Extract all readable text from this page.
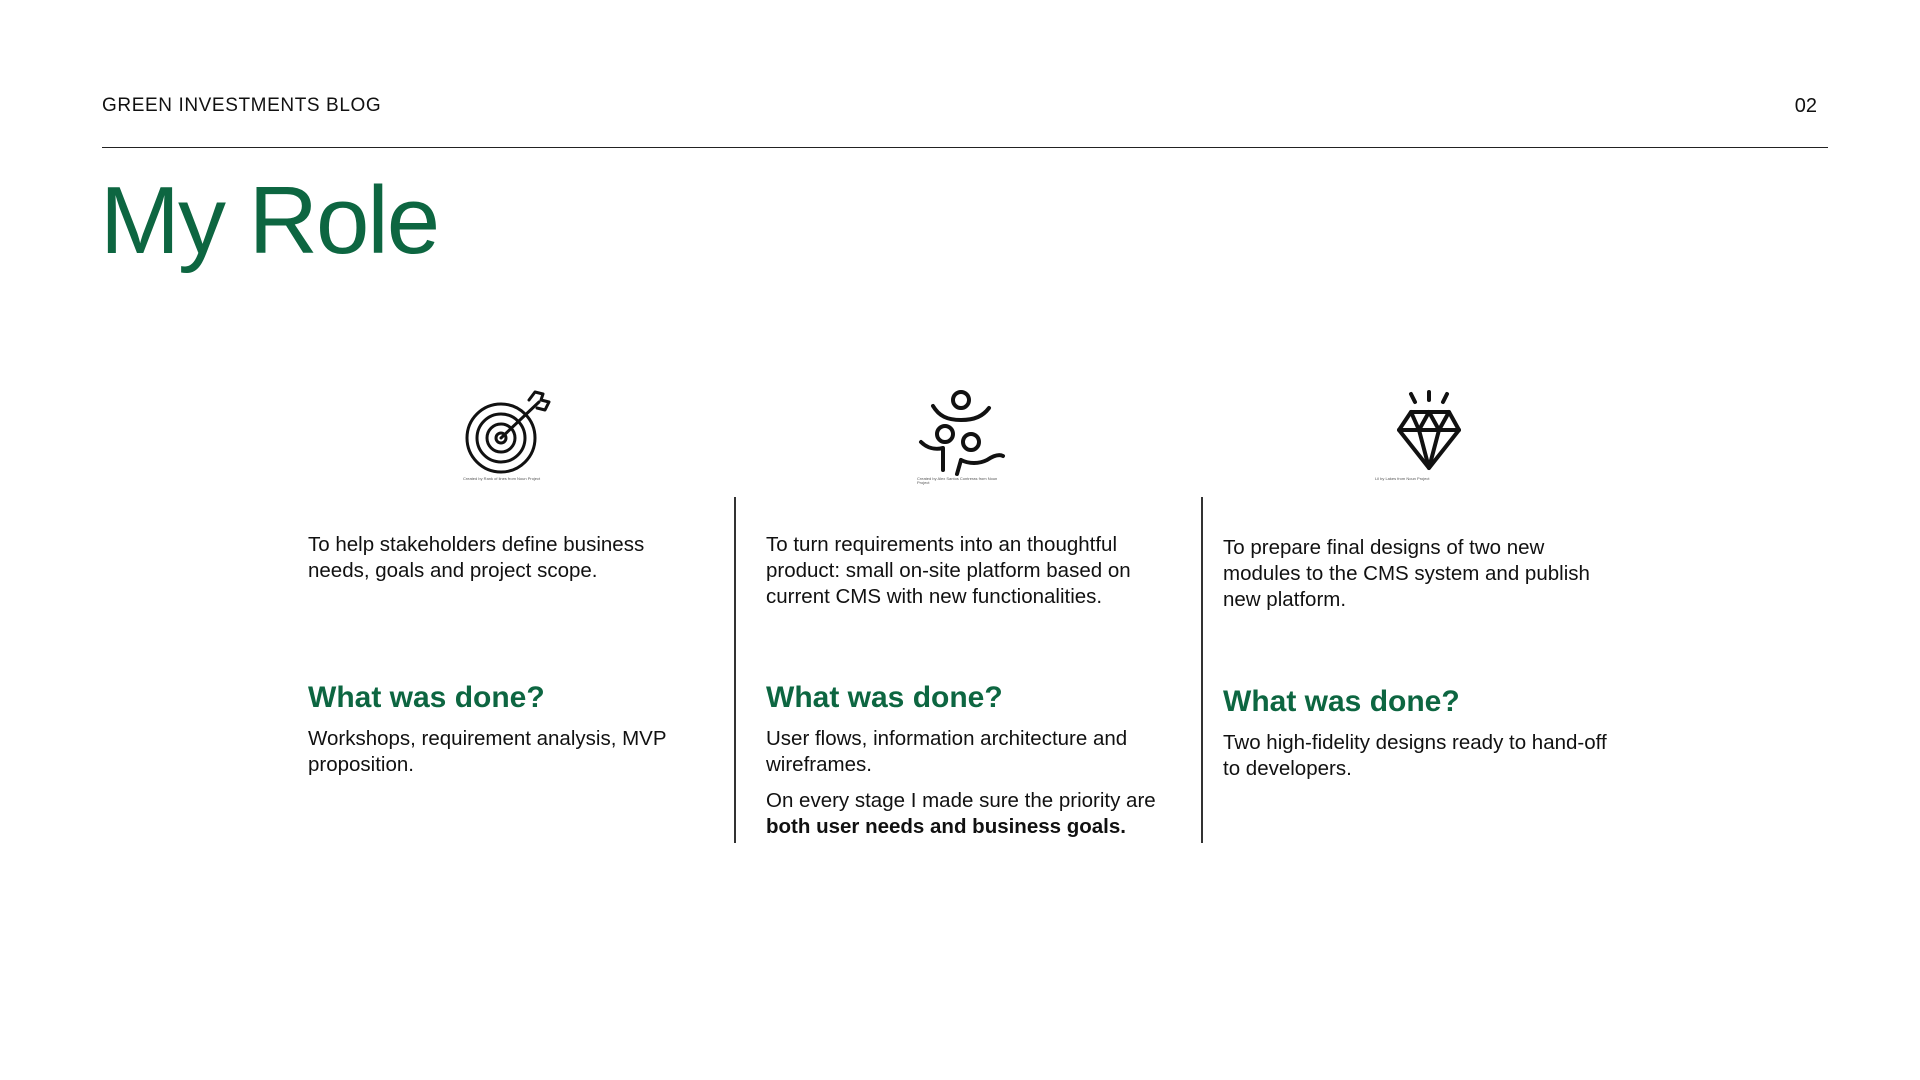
GREEN INVESTMENTS BLOG	02
My Role
Created by Rank of lines from Noun Project

To help stakeholders define business needs, goals and project scope.

What was done?

Workshops, requirement analysis, MVP proposition.

Created by Alex Santos Contreras from Noun Project

To turn requirements into an thoughtful product: small on-site platform based on current CMS with new functionalities.

What was done?

User flows, information architecture and wireframes.

On every stage I made sure the priority are both user needs and business goals.

Lil by Lakes from Noun Project

To prepare final designs of two new modules to the CMS system and publish new platform.

What was done?

Two high-fidelity designs ready to hand-off to developers.
